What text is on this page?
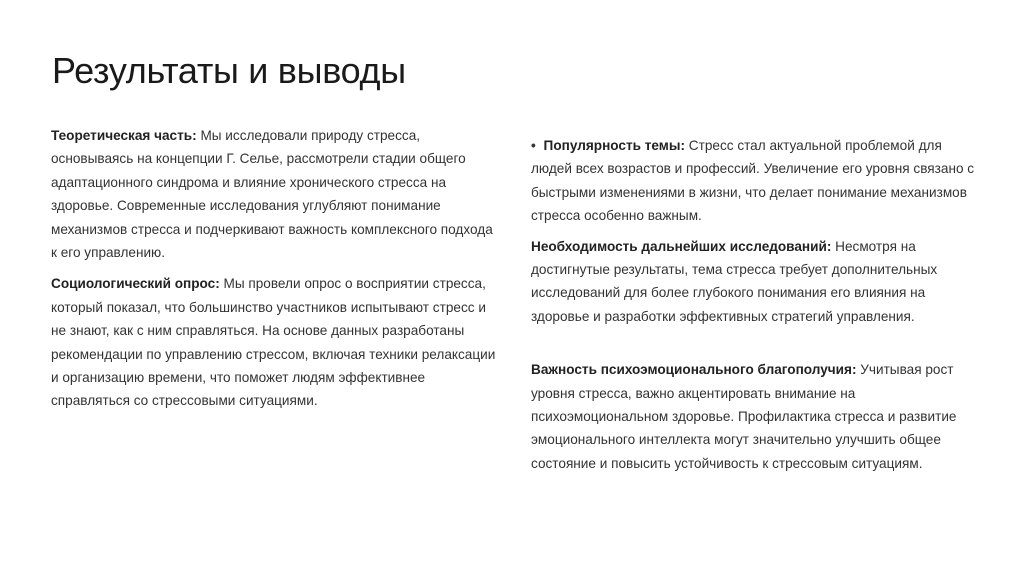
Результаты и выводы

Теоретическая часть: Мы исследовали природу стресса, основываясь на концепции Г. Селье, рассмотрели стадии общего адаптационного синдрома и влияние хронического стресса на здоровье. Современные исследования углубляют понимание механизмов стресса и подчеркивают важность комплексного подхода к его управлению.

Социологический опрос: Мы провели опрос о восприятии стресса, который показал, что большинство участников испытывают стресс и не знают, как с ним справляться. На основе данных разработаны рекомендации по управлению стрессом, включая техники релаксации и организацию времени, что поможет людям эффективнее справляться со стрессовыми ситуациями.

• Популярность темы: Стресс стал актуальной проблемой для людей всех возрастов и профессий. Увеличение его уровня связано с быстрыми изменениями в жизни, что делает понимание механизмов стресса особенно важным.

Необходимость дальнейших исследований: Несмотря на достигнутые результаты, тема стресса требует дополнительных исследований для более глубокого понимания его влияния на здоровье и разработки эффективных стратегий управления.

Важность психоэмоционального благополучия: Учитывая рост уровня стресса, важно акцентировать внимание на психоэмоциональном здоровье. Профилактика стресса и развитие эмоционального интеллекта могут значительно улучшить общее состояние и повысить устойчивость к стрессовым ситуациям.
